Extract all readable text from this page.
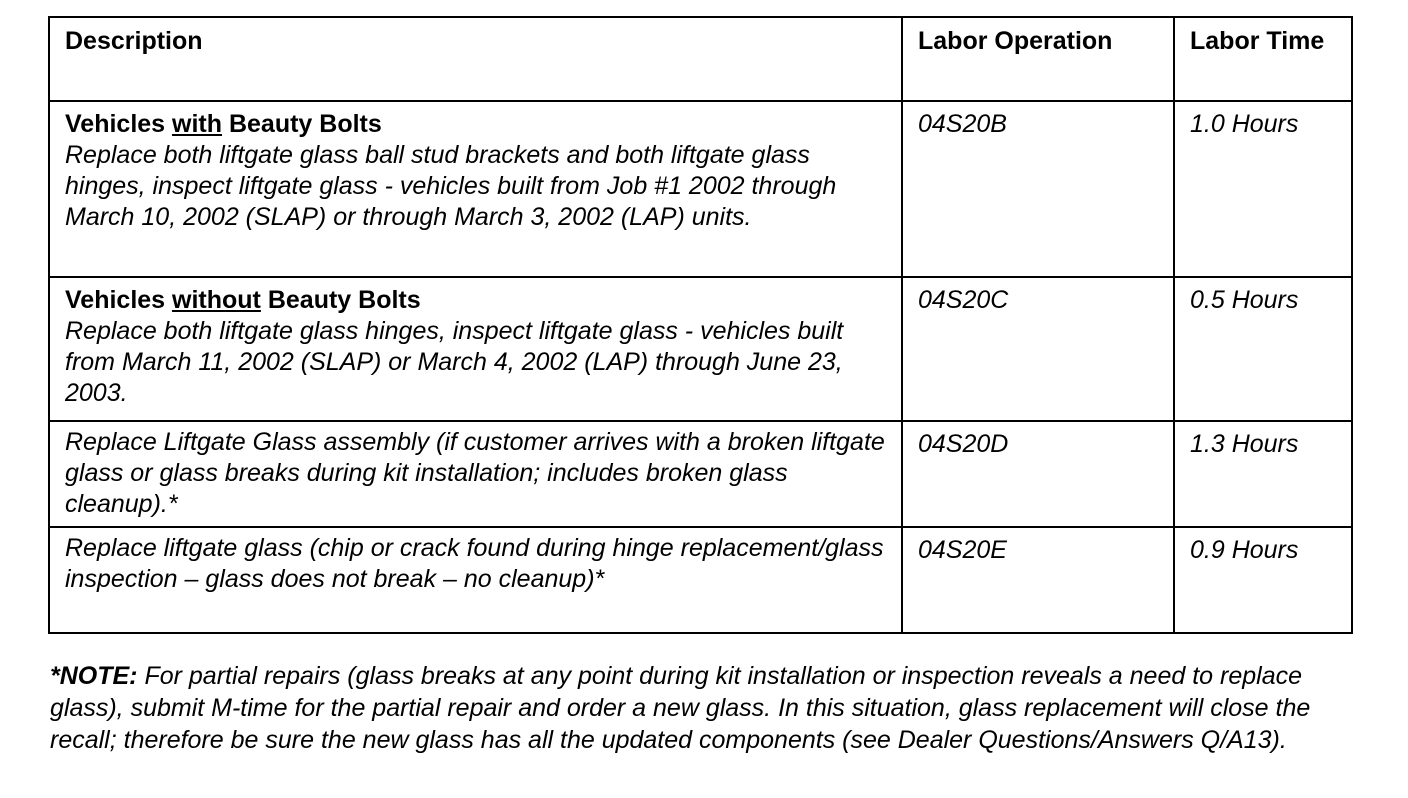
Description	Labor Operation	Labor Time

Vehicles with Beauty Bolts
Replace both liftgate glass ball stud brackets and both liftgate glass hinges, inspect liftgate glass - vehicles built from Job #1 2002 through March 10, 2002 (SLAP) or through March 3, 2002 (LAP) units.	04S20B	1.0 Hours

Vehicles without Beauty Bolts
Replace both liftgate glass hinges, inspect liftgate glass - vehicles built from March 11, 2002 (SLAP) or March 4, 2002 (LAP) through June 23, 2003.	04S20C	0.5 Hours

Replace Liftgate Glass assembly (if customer arrives with a broken liftgate glass or glass breaks during kit installation; includes broken glass cleanup).*	04S20D	1.3 Hours

Replace liftgate glass (chip or crack found during hinge replacement/glass inspection – glass does not break – no cleanup)*	04S20E	0.9 Hours
*NOTE: For partial repairs (glass breaks at any point during kit installation or inspection reveals a need to replace glass), submit M-time for the partial repair and order a new glass. In this situation, glass replacement will close the recall; therefore be sure the new glass has all the updated components (see Dealer Questions/Answers Q/A13).
